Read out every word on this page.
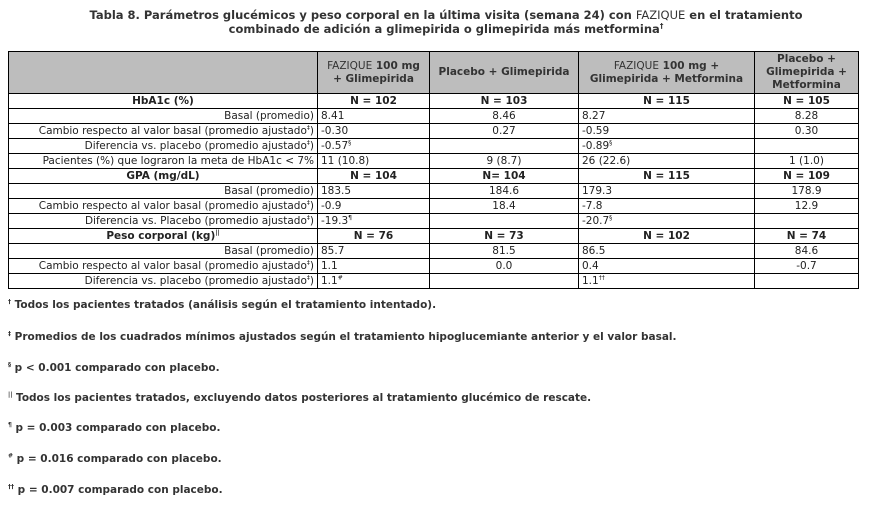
Tabla 8. Parámetros glucémicos y peso corporal en la última visita (semana 24) con FAZIQUE en el tratamiento
combinado de adición a glimepirida o glimepirida más metformina†
	FAZIQUE 100 mg + Glimepirida	Placebo + Glimepirida	FAZIQUE 100 mg + Glimepirida + Metformina	Placebo + Glimepirida + Metformina
HbA1c (%)	N = 102	N = 103	N = 115	N = 105
Basal (promedio)	8.41	8.46	8.27	8.28
Cambio respecto al valor basal (promedio ajustado‡)	-0.30	0.27	-0.59	0.30
Diferencia vs. placebo (promedio ajustado‡)	-0.57§		-0.89§	
Pacientes (%) que lograron la meta de HbA1c < 7%	11 (10.8)	9 (8.7)	26 (22.6)	1 (1.0)
GPA (mg/dL)	N = 104	N= 104	N = 115	N = 109
Basal (promedio)	183.5	184.6	179.3	178.9
Cambio respecto al valor basal (promedio ajustado‡)	-0.9	18.4	-7.8	12.9
Diferencia vs. Placebo (promedio ajustado‡)	-19.3¶		-20.7§	
Peso corporal (kg)||	N = 76	N = 73	N = 102	N = 74
Basal (promedio)	85.7	81.5	86.5	84.6
Cambio respecto al valor basal (promedio ajustado‡)	1.1	0.0	0.4	-0.7
Diferencia vs. placebo (promedio ajustado‡)	1.1#		1.1††	
† Todos los pacientes tratados (análisis según el tratamiento intentado).
‡ Promedios de los cuadrados mínimos ajustados según el tratamiento hipoglucemiante anterior y el valor basal.
§ p < 0.001 comparado con placebo.
|| Todos los pacientes tratados, excluyendo datos posteriores al tratamiento glucémico de rescate.
¶ p = 0.003 comparado con placebo.
# p = 0.016 comparado con placebo.
†† p = 0.007 comparado con placebo.
